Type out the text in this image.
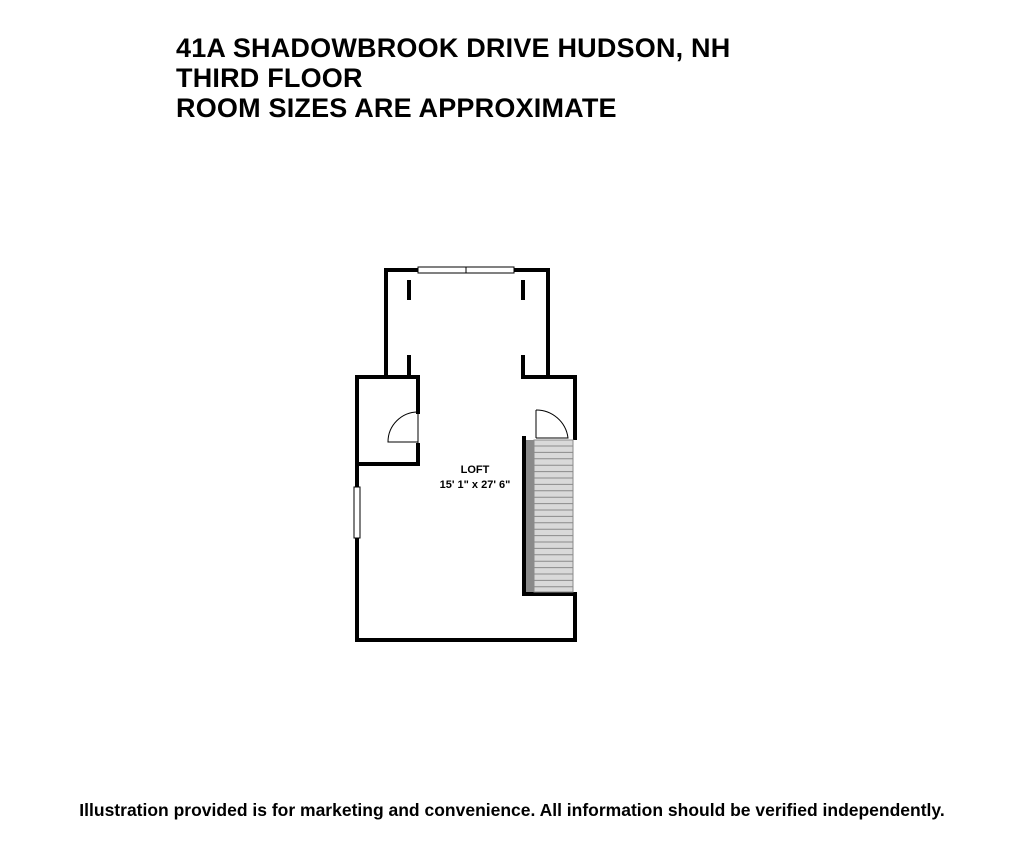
41A SHADOWBROOK DRIVE HUDSON, NH
THIRD FLOOR
ROOM SIZES ARE APPROXIMATE
LOFT
15' 1" x 27' 6"
Illustration provided is for marketing and convenience. All information should be verified independently.
